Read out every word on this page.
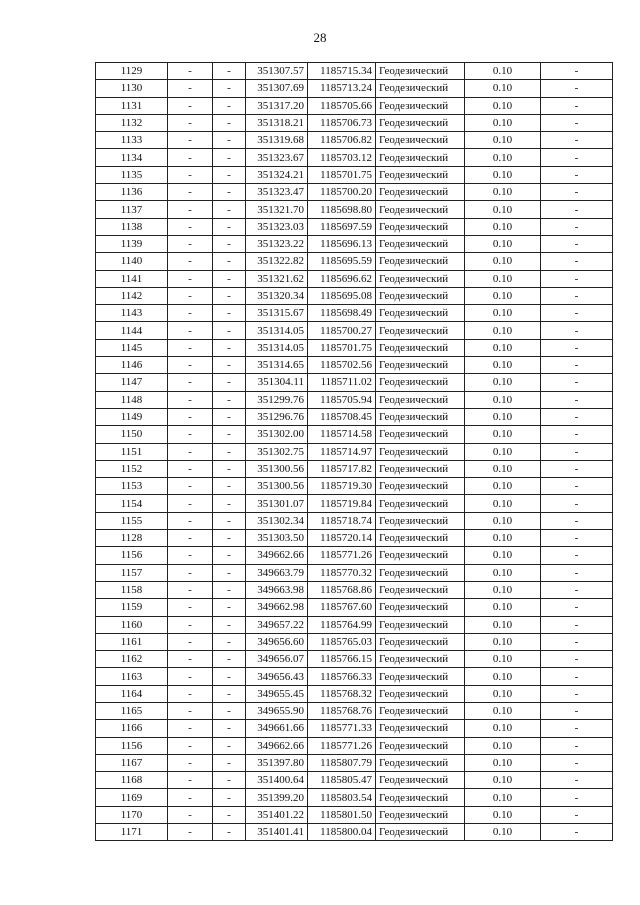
28
1129	-	-	351307.57	1185715.34	Геодезический	0.10	-
1130	-	-	351307.69	1185713.24	Геодезический	0.10	-
1131	-	-	351317.20	1185705.66	Геодезический	0.10	-
1132	-	-	351318.21	1185706.73	Геодезический	0.10	-
1133	-	-	351319.68	1185706.82	Геодезический	0.10	-
1134	-	-	351323.67	1185703.12	Геодезический	0.10	-
1135	-	-	351324.21	1185701.75	Геодезический	0.10	-
1136	-	-	351323.47	1185700.20	Геодезический	0.10	-
1137	-	-	351321.70	1185698.80	Геодезический	0.10	-
1138	-	-	351323.03	1185697.59	Геодезический	0.10	-
1139	-	-	351323.22	1185696.13	Геодезический	0.10	-
1140	-	-	351322.82	1185695.59	Геодезический	0.10	-
1141	-	-	351321.62	1185696.62	Геодезический	0.10	-
1142	-	-	351320.34	1185695.08	Геодезический	0.10	-
1143	-	-	351315.67	1185698.49	Геодезический	0.10	-
1144	-	-	351314.05	1185700.27	Геодезический	0.10	-
1145	-	-	351314.05	1185701.75	Геодезический	0.10	-
1146	-	-	351314.65	1185702.56	Геодезический	0.10	-
1147	-	-	351304.11	1185711.02	Геодезический	0.10	-
1148	-	-	351299.76	1185705.94	Геодезический	0.10	-
1149	-	-	351296.76	1185708.45	Геодезический	0.10	-
1150	-	-	351302.00	1185714.58	Геодезический	0.10	-
1151	-	-	351302.75	1185714.97	Геодезический	0.10	-
1152	-	-	351300.56	1185717.82	Геодезический	0.10	-
1153	-	-	351300.56	1185719.30	Геодезический	0.10	-
1154	-	-	351301.07	1185719.84	Геодезический	0.10	-
1155	-	-	351302.34	1185718.74	Геодезический	0.10	-
1128	-	-	351303.50	1185720.14	Геодезический	0.10	-
1156	-	-	349662.66	1185771.26	Геодезический	0.10	-
1157	-	-	349663.79	1185770.32	Геодезический	0.10	-
1158	-	-	349663.98	1185768.86	Геодезический	0.10	-
1159	-	-	349662.98	1185767.60	Геодезический	0.10	-
1160	-	-	349657.22	1185764.99	Геодезический	0.10	-
1161	-	-	349656.60	1185765.03	Геодезический	0.10	-
1162	-	-	349656.07	1185766.15	Геодезический	0.10	-
1163	-	-	349656.43	1185766.33	Геодезический	0.10	-
1164	-	-	349655.45	1185768.32	Геодезический	0.10	-
1165	-	-	349655.90	1185768.76	Геодезический	0.10	-
1166	-	-	349661.66	1185771.33	Геодезический	0.10	-
1156	-	-	349662.66	1185771.26	Геодезический	0.10	-
1167	-	-	351397.80	1185807.79	Геодезический	0.10	-
1168	-	-	351400.64	1185805.47	Геодезический	0.10	-
1169	-	-	351399.20	1185803.54	Геодезический	0.10	-
1170	-	-	351401.22	1185801.50	Геодезический	0.10	-
1171	-	-	351401.41	1185800.04	Геодезический	0.10	-
